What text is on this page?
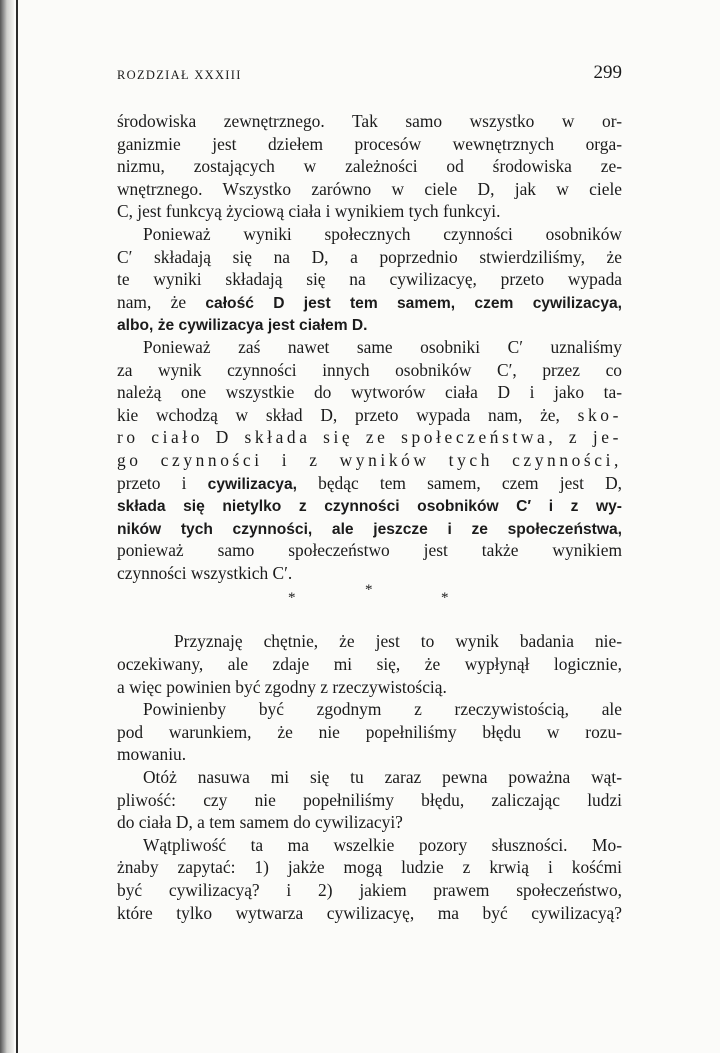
ROZDZIAŁ XXXIII	299
środowiska zewnętrznego. Tak samo wszystko w or-
ganizmie jest dziełem procesów wewnętrznych orga-
nizmu, zostających w zależności od środowiska ze-
wnętrznego. Wszystko zarówno w ciele D, jak w ciele
C, jest funkcyą życiową ciała i wynikiem tych funkcyi.
Ponieważ wyniki społecznych czynności osobników
C′ składają się na D, a poprzednio stwierdziliśmy, że
te wyniki składają się na cywilizacyę, przeto wypada
nam, że całość D jest tem samem, czem cywilizacya,
albo, że cywilizacya jest ciałem D.
Ponieważ zaś nawet same osobniki C′ uznaliśmy
za wynik czynności innych osobników C′, przez co
należą one wszystkie do wytworów ciała D i jako ta-
kie wchodzą w skład D, przeto wypada nam, że, sko-
ro ciało D składa się ze społeczeństwa, z je-
go czynności i z wyników tych czynności,
przeto i cywilizacya, będąc tem samem, czem jest D,
składa się nietylko z czynności osobników C′ i z wy-
ników tych czynności, ale jeszcze i ze społeczeństwa,
ponieważ samo społeczeństwo jest także wynikiem
czynności wszystkich C′.
*	*	*
Przyznaję chętnie, że jest to wynik badania nie-
oczekiwany, ale zdaje mi się, że wypłynął logicznie,
a więc powinien być zgodny z rzeczywistością.
Powinienby być zgodnym z rzeczywistością, ale
pod warunkiem, że nie popełniliśmy błędu w rozu-
mowaniu.
Otóż nasuwa mi się tu zaraz pewna poważna wąt-
pliwość: czy nie popełniliśmy błędu, zaliczając ludzi
do ciała D, a tem samem do cywilizacyi?
Wątpliwość ta ma wszelkie pozory słuszności. Mo-
żnaby zapytać: 1) jakże mogą ludzie z krwią i kośćmi
być cywilizacyą? i 2) jakiem prawem społeczeństwo,
które tylko wytwarza cywilizacyę, ma być cywilizacyą?
